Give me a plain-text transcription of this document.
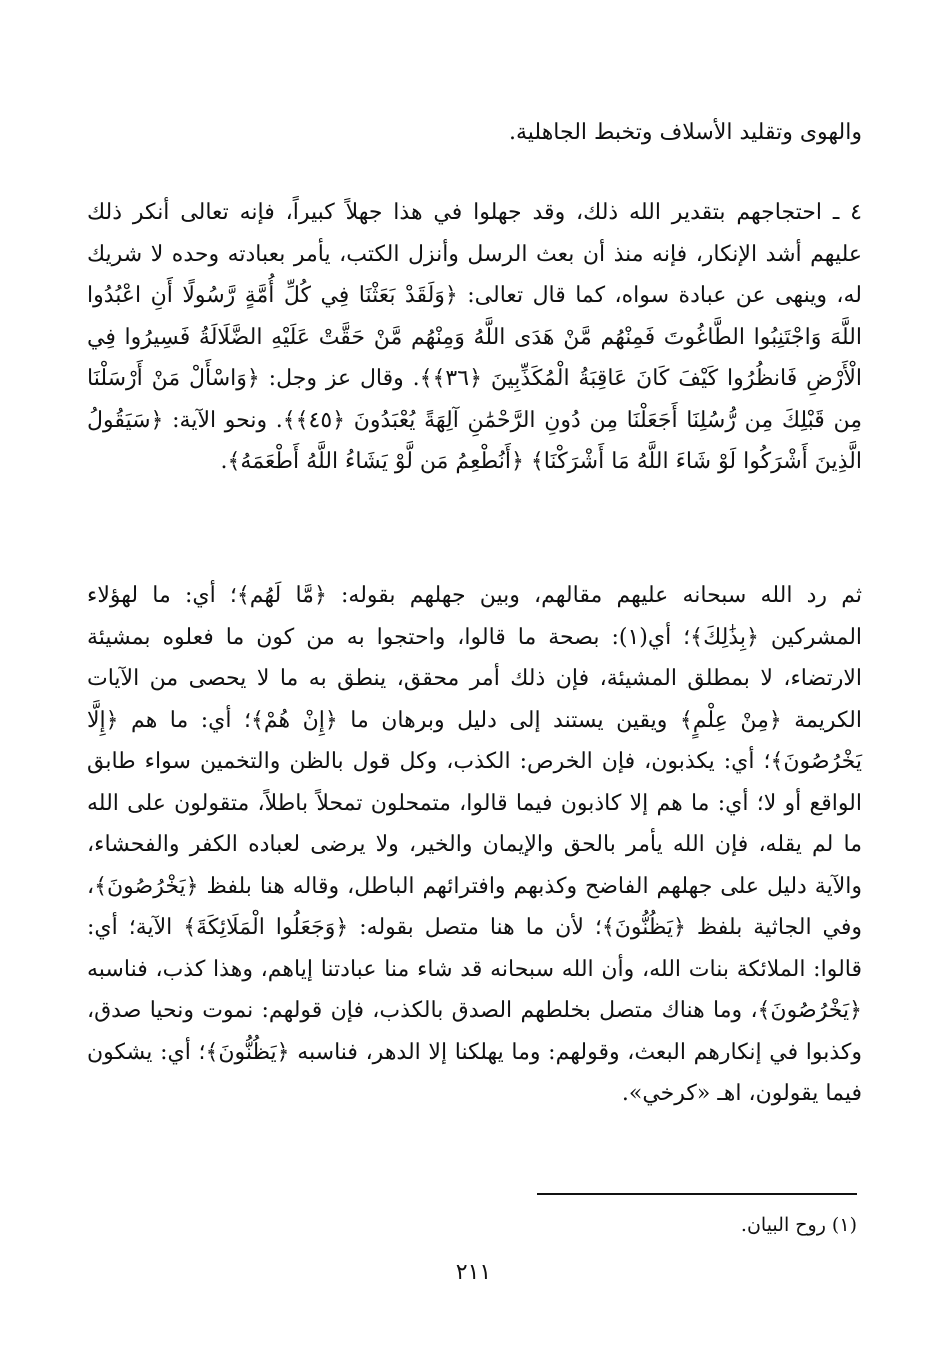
والهوى وتقليد الأسلاف وتخبط الجاهلية.

٤ ـ احتجاجهم بتقدير الله ذلك، وقد جهلوا في هذا جهلاً كبيراً، فإنه تعالى أنكر ذلك عليهم أشد الإنكار، فإنه منذ أن بعث الرسل وأنزل الكتب، يأمر بعبادته وحده لا شريك له، وينهى عن عبادة سواه، كما قال تعالى: ﴿وَلَقَدْ بَعَثْنَا فِي كُلِّ أُمَّةٍ رَّسُولًا أَنِ اعْبُدُوا اللَّهَ وَاجْتَنِبُوا الطَّاغُوتَ فَمِنْهُم مَّنْ هَدَى اللَّهُ وَمِنْهُم مَّنْ حَقَّتْ عَلَيْهِ الضَّلَالَةُ فَسِيرُوا فِي الْأَرْضِ فَانظُرُوا كَيْفَ كَانَ عَاقِبَةُ الْمُكَذِّبِينَ ﴿٣٦﴾﴾. وقال عز وجل: ﴿وَاسْأَلْ مَنْ أَرْسَلْنَا مِن قَبْلِكَ مِن رُّسُلِنَا أَجَعَلْنَا مِن دُونِ الرَّحْمَٰنِ آلِهَةً يُعْبَدُونَ ﴿٤٥﴾﴾. ونحو الآية: ﴿سَيَقُولُ الَّذِينَ أَشْرَكُوا لَوْ شَاءَ اللَّهُ مَا أَشْرَكْنَا﴾ ﴿أَنُطْعِمُ مَن لَّوْ يَشَاءُ اللَّهُ أَطْعَمَهُ﴾.

ثم رد الله سبحانه عليهم مقالهم، وبين جهلهم بقوله: ﴿مَّا لَهُم﴾؛ أي: ما لهؤلاء المشركين ﴿بِذَٰلِكَ﴾؛ أي(١): بصحة ما قالوا، واحتجوا به من كون ما فعلوه بمشيئة الارتضاء، لا بمطلق المشيئة، فإن ذلك أمر محقق، ينطق به ما لا يحصى من الآيات الكريمة ﴿مِنْ عِلْمٍ﴾ ويقين يستند إلى دليل وبرهان ما ﴿إِنْ هُمْ﴾؛ أي: ما هم ﴿إِلَّا يَخْرُصُونَ﴾؛ أي: يكذبون، فإن الخرص: الكذب، وكل قول بالظن والتخمين سواء طابق الواقع أو لا؛ أي: ما هم إلا كاذبون فيما قالوا، متمحلون تمحلاً باطلاً، متقولون على الله ما لم يقله، فإن الله يأمر بالحق والإيمان والخير، ولا يرضى لعباده الكفر والفحشاء، والآية دليل على جهلهم الفاضح وكذبهم وافترائهم الباطل، وقاله هنا بلفظ ﴿يَخْرُصُونَ﴾، وفي الجاثية بلفظ ﴿يَظُنُّونَ﴾؛ لأن ما هنا متصل بقوله: ﴿وَجَعَلُوا الْمَلَائِكَةَ﴾ الآية؛ أي: قالوا: الملائكة بنات الله، وأن الله سبحانه قد شاء منا عبادتنا إياهم، وهذا كذب، فناسبه ﴿يَخْرُصُونَ﴾، وما هناك متصل بخلطهم الصدق بالكذب، فإن قولهم: نموت ونحيا صدق، وكذبوا في إنكارهم البعث، وقولهم: وما يهلكنا إلا الدهر، فناسبه ﴿يَظُنُّونَ﴾؛ أي: يشكون فيما يقولون، اهـ «كرخي».

(١) روح البيان.
٢١١
